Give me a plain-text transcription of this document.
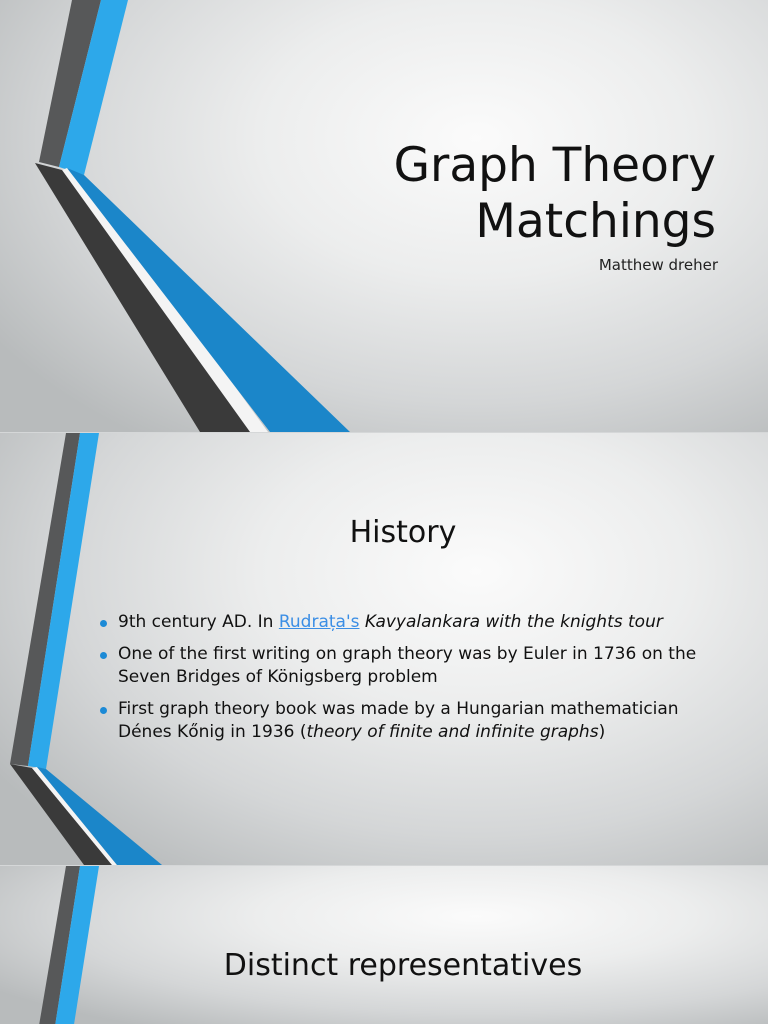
Graph Theory
Matchings
Matthew dreher
History
9th century AD. In Rudrața's Kavyalankara with the knights tour
One of the first writing on graph theory was by Euler in 1736 on the Seven Bridges of Königsberg problem
First graph theory book was made by a Hungarian mathematician Dénes Kőnig in 1936 (theory of finite and infinite graphs)
Distinct representatives
